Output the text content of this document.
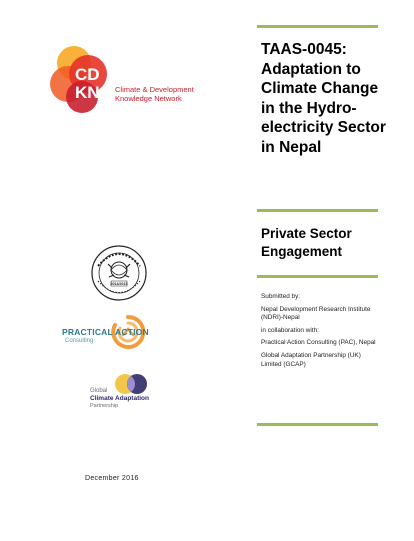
CD
KN Climate & Development
Knowledge Network
2014/2015
PRACTICAL ACTION
Consulting
Global
Climate Adaptation
Partnership
December 2016
TAAS-0045: Adaptation to Climate Change in the Hydro-electricity Sector in Nepal
Private Sector Engagement

Submitted by:

Nepal Development Research Institute (NDRI)-Nepal

in collaboration with:

Practical Action Consulting (PAC), Nepal

Global Adaptation Partnership (UK) Limited (GCAP)
